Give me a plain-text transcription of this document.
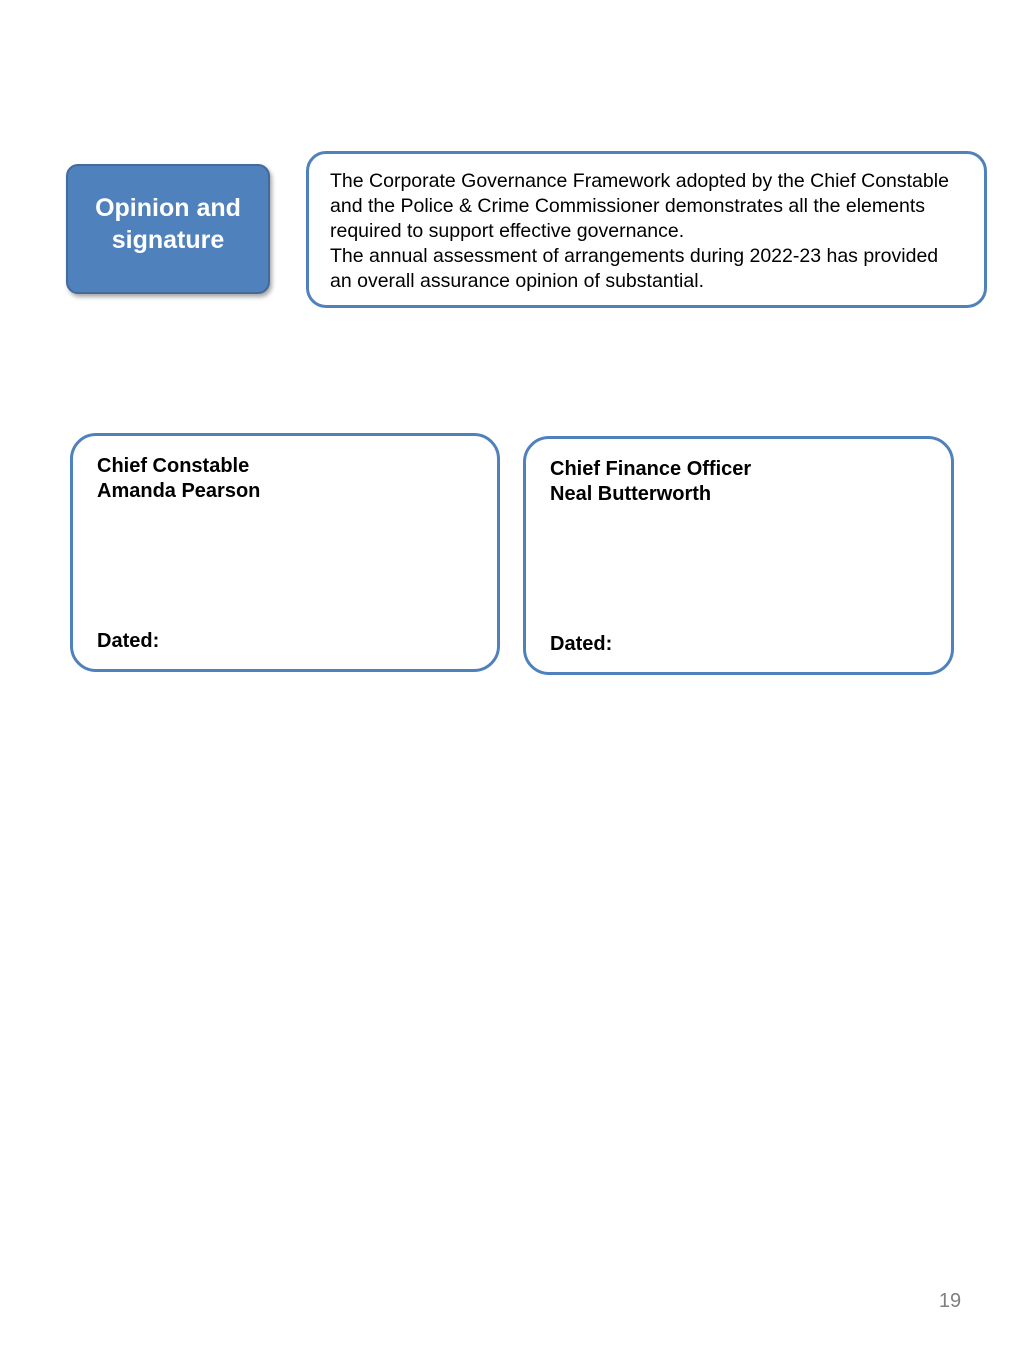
Opinion and signature

The Corporate Governance Framework adopted by the Chief Constable and the Police & Crime Commissioner demonstrates all the elements required to support effective governance.

The annual assessment of arrangements during 2022-23 has provided an overall assurance opinion of substantial.

Chief Constable
Amanda Pearson
Dated:
Chief Finance Officer
Neal Butterworth
Dated:
19
